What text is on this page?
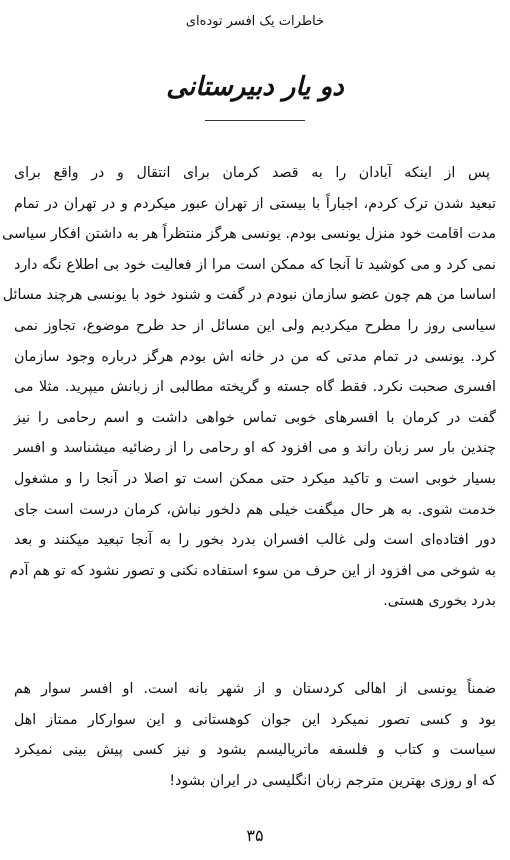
خاطرات یک افسر توده‌ای
دو یار دبیرستانی
پس از اینکه آبادان را به قصد کرمان برای انتقال و در واقع برای
تبعید شدن ترک کردم، اجباراً با بیستی از تهران عبور میکردم و در تهران در تمام
مدت اقامت خود منزل یونسی بودم. یونسی هرگز منتظراً هر به داشتن افکار سیاسی
نمی کرد و می کوشید تا آنجا که ممکن است مرا از فعالیت خود بی اطلاع نگه دارد
اساسا من هم چون عضو سازمان نبودم در گفت و شنود خود با یونسی هرچند مسائل
سیاسی روز را مطرح میکردیم ولی این مسائل از حد طرح موضوع، تجاوز نمی
کرد. یونسی در تمام مدتی که من در خانه اش بودم هرگز درباره وجود سازمان
افسری صحبت نکرد. فقط گاه جسته و گریخته مطالبی از زبانش میپرید. مثلا می
گفت در کرمان با افسرهای خوبی تماس خواهی داشت و اسم رحامی را نیز
چندین بار سر زبان راند و می افزود که او رحامی را از رضائیه میشناسد و افسر
بسیار خوبی است و تاکید میکرد حتی ممکن است تو اصلا در آنجا را و مشغول
خدمت شوی. به هر حال میگفت خیلی هم دلخور نباش، کرمان درست است جای
دور افتاده‌ای است ولی غالب افسران بدرد بخور را به آنجا تبعید میکنند و بعد
به شوخی می افزود از این حرف من سوء استفاده نکنی و تصور نشود که تو هم آدم
بدرد بخوری هستی.
ضمناً یونسی از اهالی کردستان و از شهر بانه است. او افسر سوار هم
بود و کسی تصور نمیکرد این جوان کوهستانی و این سوارکار ممتاز اهل
سیاست و کتاب و فلسفه ماتریالیسم بشود و نیز کسی پیش بینی نمیکرد
که او روزی بهترین مترجم زبان انگلیسی در ایران بشود!
۳۵
